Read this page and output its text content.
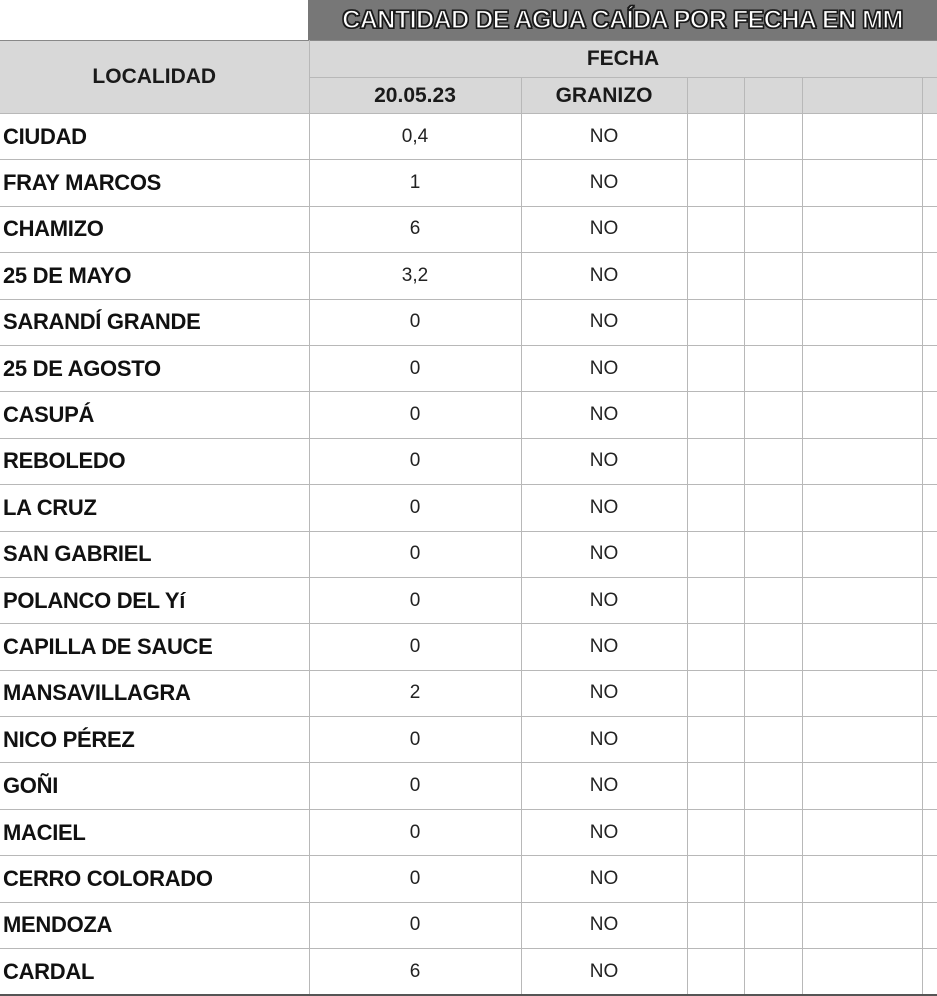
CANTIDAD DE AGUA CAÍDA POR FECHA EN MM
LOCALIDAD	FECHA					
	20.05.23	GRANIZO				
CIUDAD	0,4	NO				
FRAY MARCOS	1	NO				
CHAMIZO	6	NO				
25 DE MAYO	3,2	NO				
SARANDÍ GRANDE	0	NO				
25 DE AGOSTO	0	NO				
CASUPÁ	0	NO				
REBOLEDO	0	NO				
LA CRUZ	0	NO				
SAN GABRIEL	0	NO				
POLANCO DEL Yí	0	NO				
CAPILLA DE SAUCE	0	NO				
MANSAVILLAGRA	2	NO				
NICO PÉREZ	0	NO				
GOÑI	0	NO				
MACIEL	0	NO				
CERRO COLORADO	0	NO				
MENDOZA	0	NO				
CARDAL	6	NO				
